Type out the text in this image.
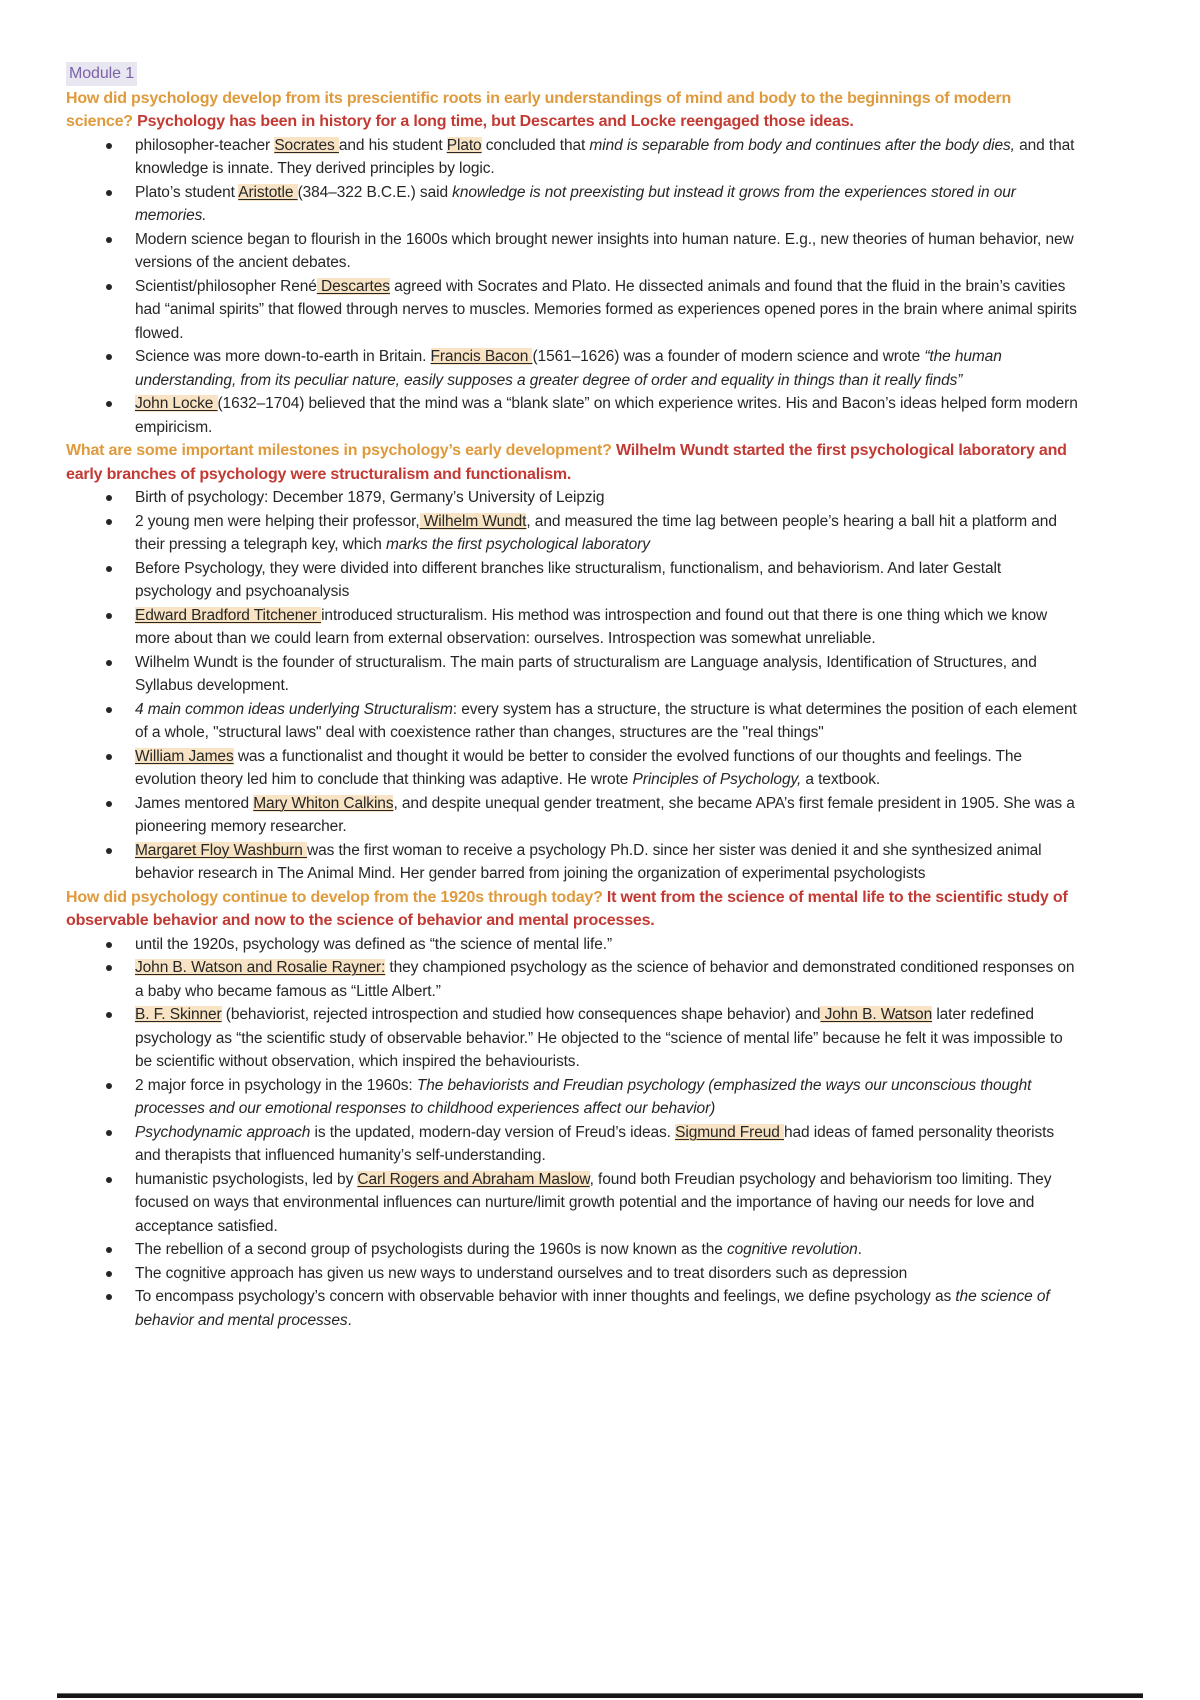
Module 1

How did psychology develop from its prescientific roots in early understandings of mind and body to the beginnings of modern science? Psychology has been in history for a long time, but Descartes and Locke reengaged those ideas.

philosopher-teacher Socrates and his student Plato concluded that mind is separable from body and continues after the body dies, and that knowledge is innate. They derived principles by logic.
Plato’s student Aristotle (384–322 B.C.E.) said knowledge is not preexisting but instead it grows from the experiences stored in our memories.
Modern science began to flourish in the 1600s which brought newer insights into human nature. E.g., new theories of human behavior, new versions of the ancient debates.
Scientist/philosopher René Descartes agreed with Socrates and Plato. He dissected animals and found that the fluid in the brain’s cavities had “animal spirits” that flowed through nerves to muscles. Memories formed as experiences opened pores in the brain where animal spirits flowed.
Science was more down-to-earth in Britain. Francis Bacon (1561–1626) was a founder of modern science and wrote “the human understanding, from its peculiar nature, easily supposes a greater degree of order and equality in things than it really finds”
John Locke (1632–1704) believed that the mind was a “blank slate” on which experience writes. His and Bacon’s ideas helped form modern empiricism.

What are some important milestones in psychology’s early development? Wilhelm Wundt started the first psychological laboratory and early branches of psychology were structuralism and functionalism.

Birth of psychology: December 1879, Germany’s University of Leipzig
2 young men were helping their professor, Wilhelm Wundt, and measured the time lag between people’s hearing a ball hit a platform and their pressing a telegraph key, which marks the first psychological laboratory
Before Psychology, they were divided into different branches like structuralism, functionalism, and behaviorism. And later Gestalt psychology and psychoanalysis
Edward Bradford Titchener introduced structuralism. His method was introspection and found out that there is one thing which we know more about than we could learn from external observation: ourselves. Introspection was somewhat unreliable.
Wilhelm Wundt is the founder of structuralism. The main parts of structuralism are Language analysis, Identification of Structures, and Syllabus development.
4 main common ideas underlying Structuralism: every system has a structure, the structure is what determines the position of each element of a whole, "structural laws" deal with coexistence rather than changes, structures are the "real things"
William James was a functionalist and thought it would be better to consider the evolved functions of our thoughts and feelings. The evolution theory led him to conclude that thinking was adaptive. He wrote Principles of Psychology, a textbook.
James mentored Mary Whiton Calkins, and despite unequal gender treatment, she became APA’s first female president in 1905. She was a pioneering memory researcher.
Margaret Floy Washburn was the first woman to receive a psychology Ph.D. since her sister was denied it and she synthesized animal behavior research in The Animal Mind. Her gender barred from joining the organization of experimental psychologists

How did psychology continue to develop from the 1920s through today? It went from the science of mental life to the scientific study of observable behavior and now to the science of behavior and mental processes.

until the 1920s, psychology was defined as “the science of mental life.”
John B. Watson and Rosalie Rayner: they championed psychology as the science of behavior and demonstrated conditioned responses on a baby who became famous as “Little Albert.”
B. F. Skinner (behaviorist, rejected introspection and studied how consequences shape behavior) and John B. Watson later redefined psychology as “the scientific study of observable behavior.” He objected to the “science of mental life” because he felt it was impossible to be scientific without observation, which inspired the behaviourists.
2 major force in psychology in the 1960s: The behaviorists and Freudian psychology (emphasized the ways our unconscious thought processes and our emotional responses to childhood experiences affect our behavior)
Psychodynamic approach is the updated, modern-day version of Freud’s ideas. Sigmund Freud had ideas of famed personality theorists and therapists that influenced humanity’s self-understanding.
humanistic psychologists, led by Carl Rogers and Abraham Maslow, found both Freudian psychology and behaviorism too limiting. They focused on ways that environmental influences can nurture/limit growth potential and the importance of having our needs for love and acceptance satisfied.
The rebellion of a second group of psychologists during the 1960s is now known as the cognitive revolution.
The cognitive approach has given us new ways to understand ourselves and to treat disorders such as depression
To encompass psychology’s concern with observable behavior with inner thoughts and feelings, we define psychology as the science of behavior and mental processes.
